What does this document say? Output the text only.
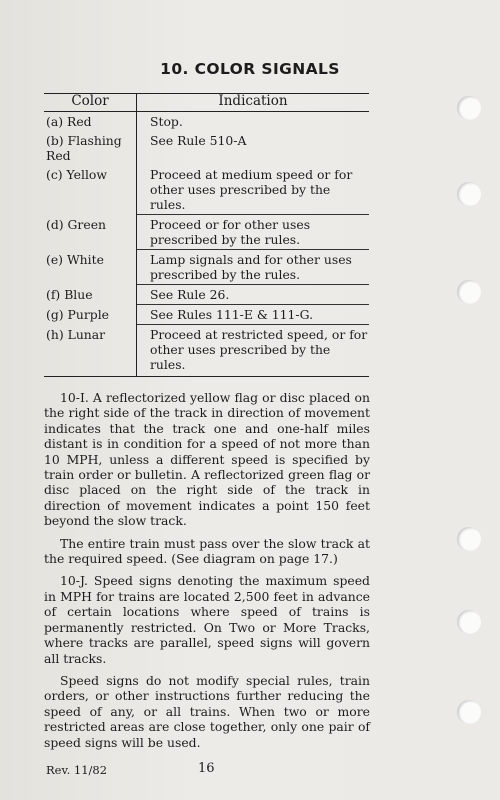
10. COLOR SIGNALS
Color	Indication
(a) Red	Stop.
(b) Flashing Red	See Rule 510-A
(c) Yellow	Proceed at medium speed or for other uses prescribed by the rules.
(d) Green	Proceed or for other uses prescribed by the rules.
(e) White	Lamp signals and for other uses prescribed by the rules.
(f) Blue	See Rule 26.
(g) Purple	See Rules 111-E & 111-G.
(h) Lunar	Proceed at restricted speed, or for other uses prescribed by the rules.

10-I. A reflectorized yellow flag or disc placed on the right side of the track in direction of movement indicates that the track one and one-half miles distant is in condition for a speed of not more than 10 MPH, unless a different speed is specified by train order or bulletin. A reflectorized green flag or disc placed on the right side of the track in direction of movement indicates a point 150 feet beyond the slow track.

The entire train must pass over the slow track at the required speed. (See diagram on page 17.)

10-J. Speed signs denoting the maximum speed in MPH for trains are located 2,500 feet in advance of certain locations where speed of trains is permanently restricted. On Two or More Tracks, where tracks are parallel, speed signs will govern all tracks.

Speed signs do not modify special rules, train orders, or other instructions further reducing the speed of any, or all trains. When two or more restricted areas are close together, only one pair of speed signs will be used.

Rev. 11/82	16
